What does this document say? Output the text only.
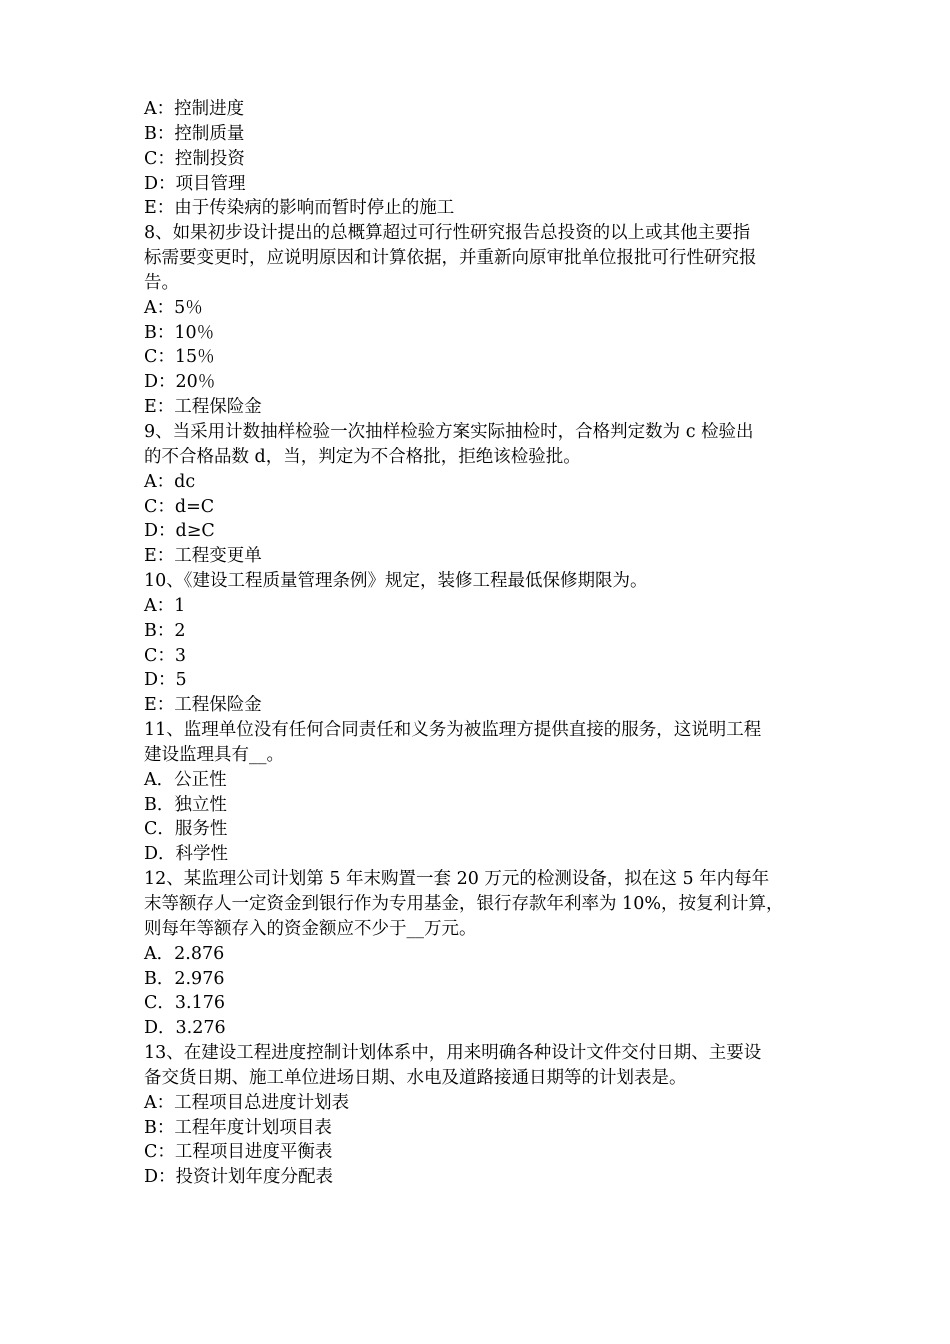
A：控制进度
B：控制质量
C：控制投资
D：项目管理
E：由于传染病的影响而暂时停止的施工
8、如果初步设计提出的总概算超过可行性研究报告总投资的以上或其他主要指
标需要变更时，应说明原因和计算依据，并重新向原审批单位报批可行性研究报
告。
A：5％
B：10％
C：15％
D：20％
E：工程保险金
9、当采用计数抽样检验一次抽样检验方案实际抽检时，合格判定数为 c 检验出
的不合格品数 d，当，判定为不合格批，拒绝该检验批。
A：dc
C：d=C
D：d≥C
E：工程变更单
10、《建设工程质量管理条例》规定，装修工程最低保修期限为。
A：1
B：2
C：3
D：5
E：工程保险金
11、监理单位没有任何合同责任和义务为被监理方提供直接的服务，这说明工程
建设监理具有__。
A．公正性
B．独立性
C．服务性
D．科学性
12、某监理公司计划第 5 年末购置一套 20 万元的检测设备，拟在这 5 年内每年
末等额存人一定资金到银行作为专用基金，银行存款年利率为 10%，按复利计算，
则每年等额存入的资金额应不少于__万元。
A．2.876
B．2.976
C．3.176
D．3.276
13、在建设工程进度控制计划体系中，用来明确各种设计文件交付日期、主要设
备交货日期、施工单位进场日期、水电及道路接通日期等的计划表是。
A：工程项目总进度计划表
B：工程年度计划项目表
C：工程项目进度平衡表
D：投资计划年度分配表
